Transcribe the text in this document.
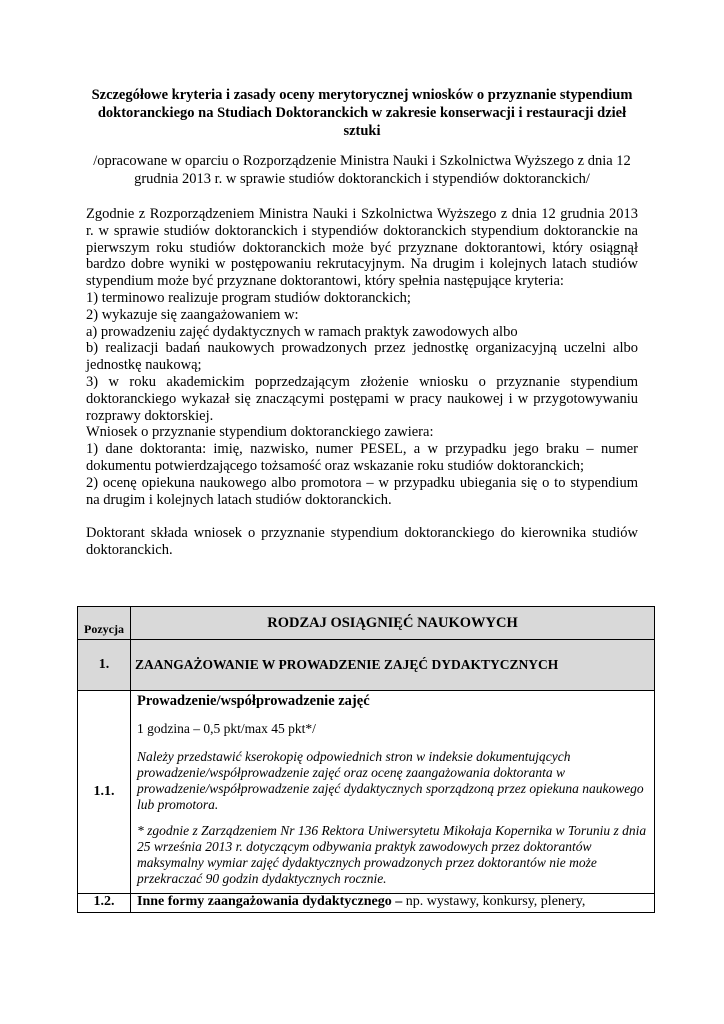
Szczegółowe kryteria i zasady oceny merytorycznej wniosków o przyznanie stypendium doktoranckiego na Studiach Doktoranckich w zakresie konserwacji i restauracji dzieł sztuki
/opracowane w oparciu o Rozporządzenie Ministra Nauki i Szkolnictwa Wyższego z dnia 12 grudnia 2013 r. w sprawie studiów doktoranckich i stypendiów doktoranckich/

Zgodnie z Rozporządzeniem Ministra Nauki i Szkolnictwa Wyższego z dnia 12 grudnia 2013 r. w sprawie studiów doktoranckich i stypendiów doktoranckich stypendium doktoranckie na pierwszym roku studiów doktoranckich może być przyznane doktorantowi, który osiągnął bardzo dobre wyniki w postępowaniu rekrutacyjnym. Na drugim i kolejnych latach studiów stypendium może być przyznane doktorantowi, który spełnia następujące kryteria:

1) terminowo realizuje program studiów doktoranckich;

2) wykazuje się zaangażowaniem w:

a) prowadzeniu zajęć dydaktycznych w ramach praktyk zawodowych albo

b) realizacji badań naukowych prowadzonych przez jednostkę organizacyjną uczelni albo jednostkę naukową;

3) w roku akademickim poprzedzającym złożenie wniosku o przyznanie stypendium doktoranckiego wykazał się znaczącymi postępami w pracy naukowej i w przygotowywaniu rozprawy doktorskiej.

Wniosek o przyznanie stypendium doktoranckiego zawiera:

1) dane doktoranta: imię, nazwisko, numer PESEL, a w przypadku jego braku – numer dokumentu potwierdzającego tożsamość oraz wskazanie roku studiów doktoranckich;

2) ocenę opiekuna naukowego albo promotora – w przypadku ubiegania się o to stypendium na drugim i kolejnych latach studiów doktoranckich.

Doktorant składa wniosek o przyznanie stypendium doktoranckiego do kierownika studiów doktoranckich.

Pozycja	RODZAJ OSIĄGNIĘĆ NAUKOWYCH
1.	ZAANGAŻOWANIE W PROWADZENIE ZAJĘĆ DYDAKTYCZNYCH
1.1.	Prowadzenie/współprowadzenie zajęć
1 godzina – 0,5 pkt/max 45 pkt*/
Należy przedstawić kserokopię odpowiednich stron w indeksie dokumentujących prowadzenie/współprowadzenie zajęć oraz ocenę zaangażowania doktoranta w prowadzenie/współprowadzenie zajęć dydaktycznych sporządzoną przez opiekuna naukowego lub promotora.
* zgodnie z Zarządzeniem Nr 136 Rektora Uniwersytetu Mikołaja Kopernika w Toruniu z dnia 25 września 2013 r. dotyczącym odbywania praktyk zawodowych przez doktorantów maksymalny wymiar zajęć dydaktycznych prowadzonych przez doktorantów nie może przekraczać 90 godzin dydaktycznych rocznie.

1.2.	Inne formy zaangażowania dydaktycznego – np. wystawy, konkursy, plenery,
